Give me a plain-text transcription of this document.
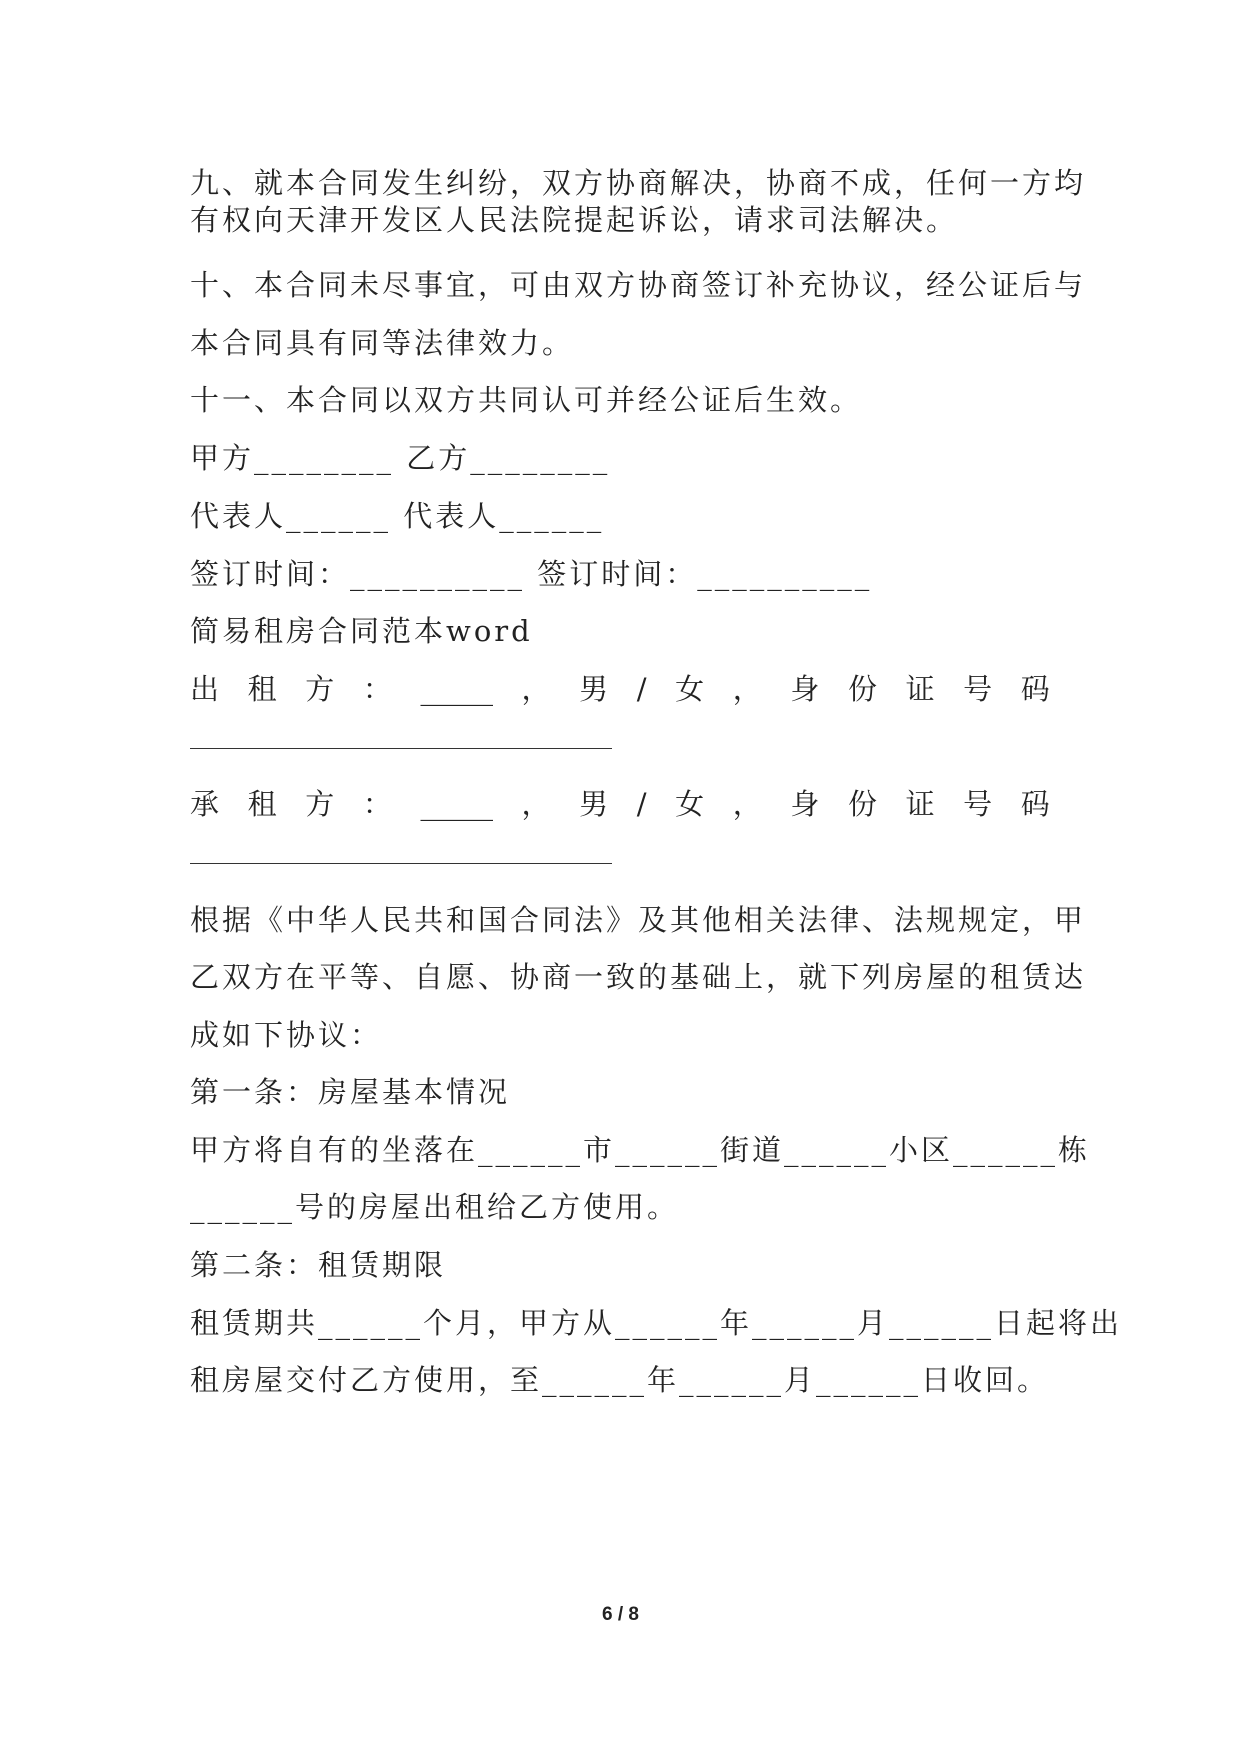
九、就本合同发生纠纷，双方协商解决，协商不成，任何一方均
有权向天津开发区人民法院提起诉讼，请求司法解决。
十、本合同未尽事宜，可由双方协商签订补充协议，经公证后与
本合同具有同等法律效力。
十一、本合同以双方共同认可并经公证后生效。
甲方________ 乙方________
代表人______ 代表人______
签订时间：__________ 签订时间：__________
简易租房合同范本word
出 租 方 ： _____ ， 男 / 女 ， 身 份 证 号 码
承 租 方 ： _____ ， 男 / 女 ， 身 份 证 号 码
根据《中华人民共和国合同法》及其他相关法律、法规规定，甲
乙双方在平等、自愿、协商一致的基础上，就下列房屋的租赁达
成如下协议：
第一条：房屋基本情况
甲方将自有的坐落在______市______街道______小区______栋
______号的房屋出租给乙方使用。
第二条：租赁期限
租赁期共______个月，甲方从______年______月______日起将出
租房屋交付乙方使用，至______年______月______日收回。
6 / 8
